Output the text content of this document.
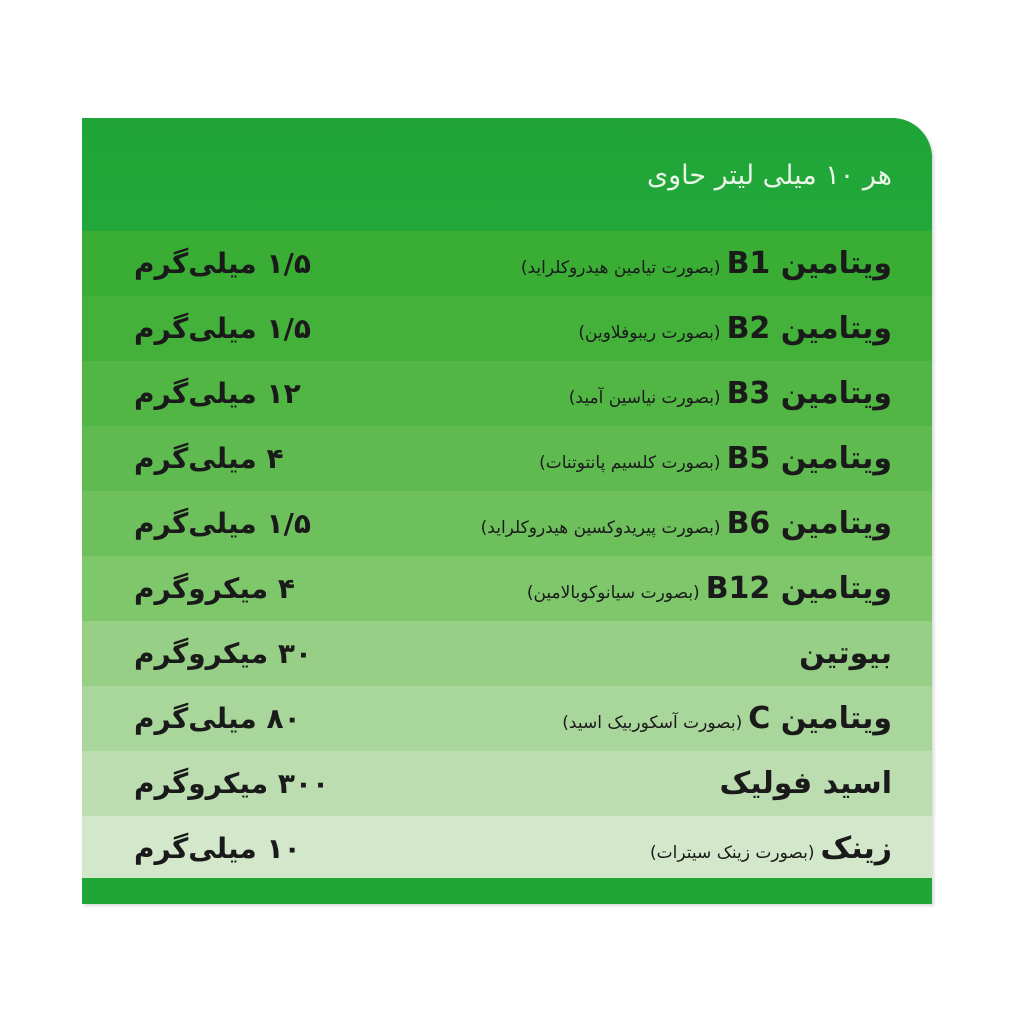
هر ۱۰ میلی لیتر حاوی
ویتامین B1(بصورت تیامین هیدروکلراید)
۱/۵ میلی‌گرم
ویتامین B2(بصورت ریبوفلاوین)
۱/۵ میلی‌گرم
ویتامین B3(بصورت نیاسین آمید)
۱۲ میلی‌گرم
ویتامین B5(بصورت کلسیم پانتوتنات)
۴ میلی‌گرم
ویتامین B6(بصورت پیریدوکسین هیدروکلراید)
۱/۵ میلی‌گرم
ویتامین B12(بصورت سیانوکوبالامین)
۴ میکروگرم
بیوتین
۳۰ میکروگرم
ویتامین C(بصورت آسکوربیک اسید)
۸۰ میلی‌گرم
اسید فولیک
۳۰۰ میکروگرم
زینک(بصورت زینک سیترات)
۱۰ میلی‌گرم
